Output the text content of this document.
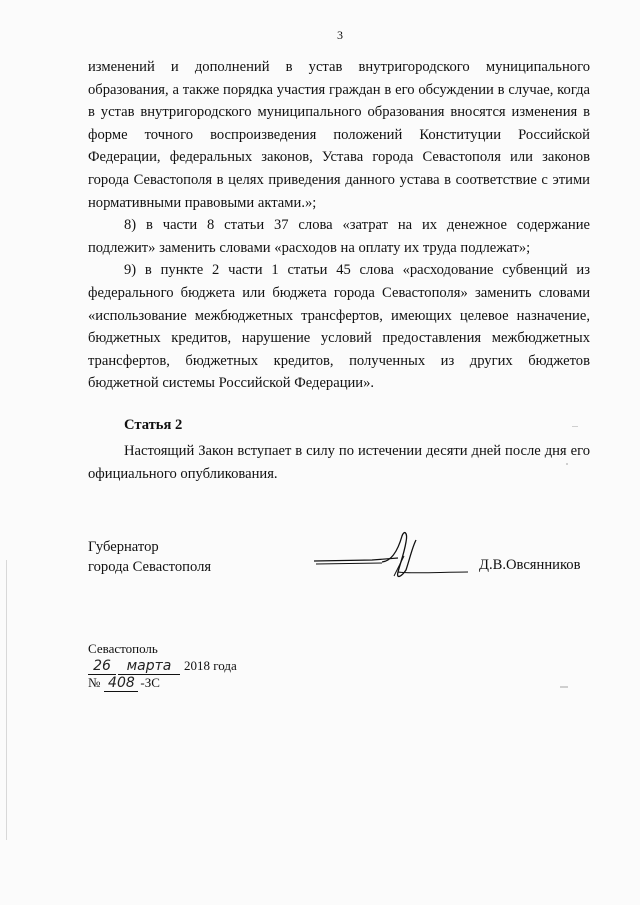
3

изменений и дополнений в устав внутригородского муниципального образования, а также порядка участия граждан в его обсуждении в случае, когда в устав внутригородского муниципального образования вносятся изменения в форме точного воспроизведения положений Конституции Российской Федерации, федеральных законов, Устава города Севастополя или законов города Севастополя в целях приведения данного устава в соответствие с этими нормативными правовыми актами.»;

8) в части 8 статьи 37 слова «затрат на их денежное содержание подлежит» заменить словами «расходов на оплату их труда подлежат»;

9) в пункте 2 части 1 статьи 45 слова «расходование субвенций из федерального бюджета или бюджета города Севастополя» заменить словами «использование межбюджетных трансфертов, имеющих целевое назначение, бюджетных кредитов, нарушение условий предоставления межбюджетных трансфертов, бюджетных кредитов, полученных из других бюджетов бюджетной системы Российской Федерации».

Статья 2

Настоящий Закон вступает в силу по истечении десяти дней после дня его официального опубликования.

Губернатор
города Севастополя	Д.В.Овсянников
Севастополь
26 марта 2018 года
№ 408 -ЗС
